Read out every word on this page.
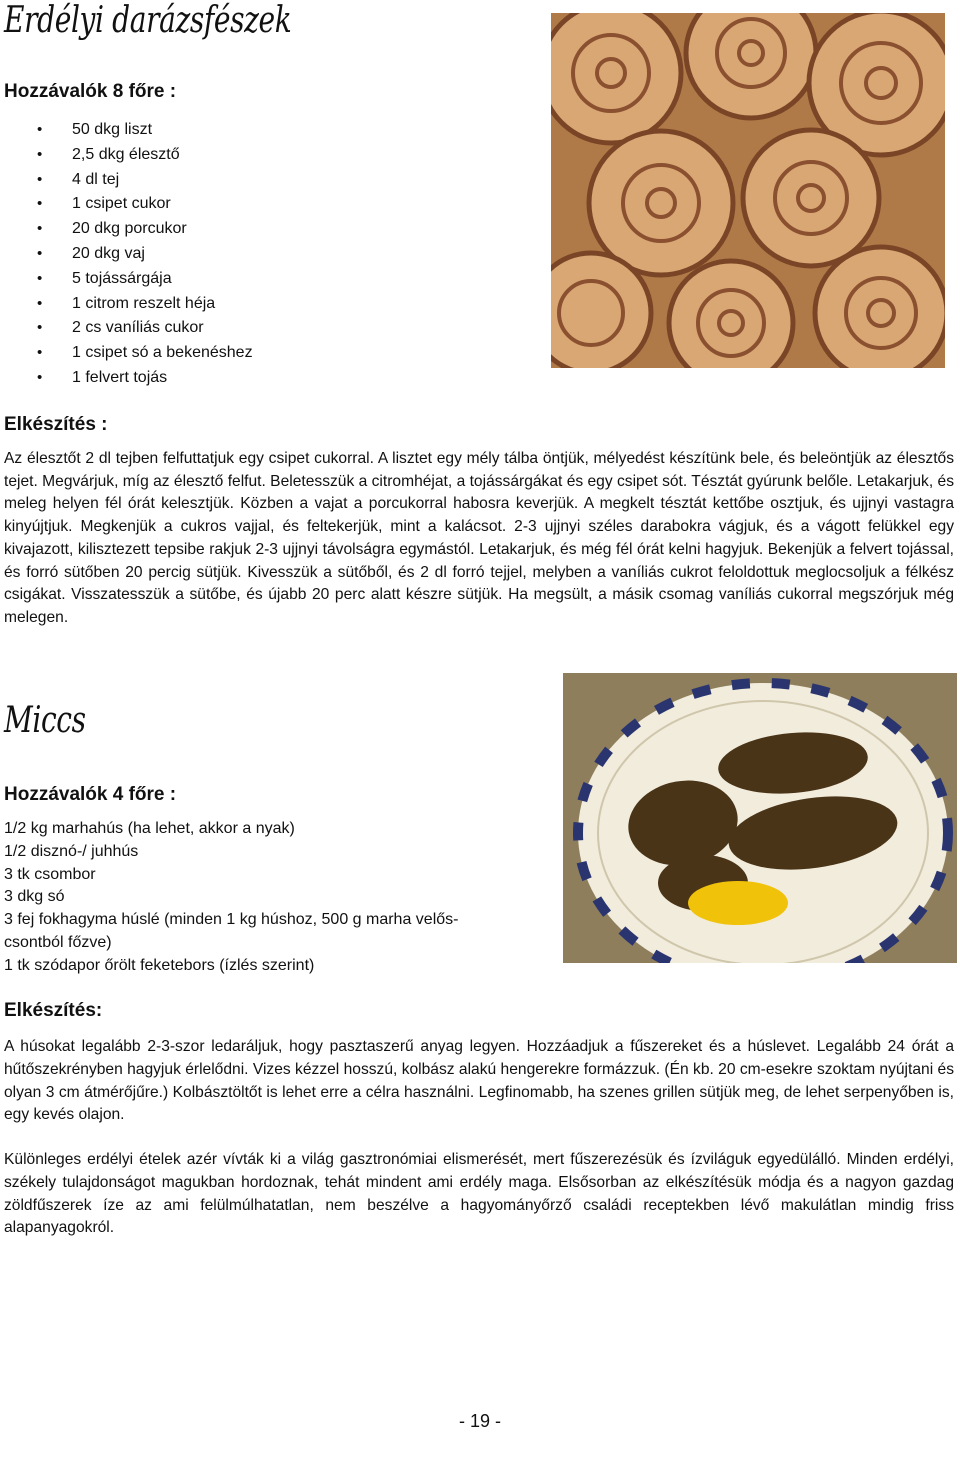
Erdélyi darázsfészek
Hozzávalók 8 főre :
• 50 dkg liszt
• 2,5 dkg élesztő
• 4 dl tej
• 1 csipet cukor
• 20 dkg porcukor
• 20 dkg vaj
• 5 tojássárgája
• 1 citrom reszelt héja
• 2 cs vaníliás cukor
• 1 csipet só a bekenéshez
• 1 felvert tojás
Elkészítés :
Az élesztőt 2 dl tejben felfuttatjuk egy csipet cukorral. A lisztet egy mély tálba öntjük, mélyedést készítünk bele, és beleöntjük az élesztős tejet. Megvárjuk, míg az élesztő felfut. Beletesszük a citromhéjat, a tojássárgákat és egy csipet sót. Tésztát gyúrunk belőle. Letakarjuk, és meleg helyen fél órát kelesztjük. Közben a vajat a porcukorral habosra keverjük. A megkelt tésztát kettőbe osztjuk, és ujjnyi vastagra kinyújtjuk. Megkenjük a cukros vajjal, és feltekerjük, mint a kalácsot. 2-3 ujjnyi széles darabokra vágjuk, és a vágott felükkel egy kivajazott, kilisztezett tepsibe rakjuk 2-3 ujjnyi távolságra egymástól. Letakarjuk, és még fél órát kelni hagyjuk. Bekenjük a felvert tojással, és forró sütőben 20 percig sütjük. Kivesszük a sütőből, és 2 dl forró tejjel, melyben a vaníliás cukrot feloldottuk meglocsoljuk a félkész csigákat. Visszatesszük a sütőbe, és újabb 20 perc alatt készre sütjük. Ha megsült, a másik csomag vaníliás cukorral megszórjuk még melegen.
Miccs
Hozzávalók 4 főre :
1/2 kg marhahús (ha lehet, akkor a nyak)
1/2 disznó-/ juhhús
3 tk csombor
3 dkg só
3 fej fokhagyma húslé (minden 1 kg húshoz, 500 g marha velős-
csontból főzve)
1 tk szódapor őrölt feketebors (ízlés szerint)
Elkészítés:
A húsokat legalább 2-3-szor ledaráljuk, hogy pasztaszerű anyag legyen. Hozzáadjuk a fűszereket és a húslevet. Legalább 24 órát a hűtőszekrényben hagyjuk érlelődni. Vizes kézzel hosszú, kolbász alakú hengerekre formázzuk. (Én kb. 20 cm-esekre szoktam nyújtani és olyan 3 cm átmérőjűre.) Kolbásztöltőt is lehet erre a célra használni. Legfinomabb, ha szenes grillen sütjük meg, de lehet serpenyőben is, egy kevés olajon.
Különleges erdélyi ételek azér vívták ki a világ gasztronómiai elismerését, mert fűszerezésük és ízviláguk egyedülálló. Minden erdélyi, székely tulajdonságot magukban hordoznak, tehát mindent ami erdély maga. Elsősorban az elkészítésük módja és a nagyon gazdag zöldfűszerek íze az ami felülmúlhatatlan, nem beszélve a hagyományőrző családi receptekben lévő makulátlan mindig friss alapanyagokról.
- 19 -
